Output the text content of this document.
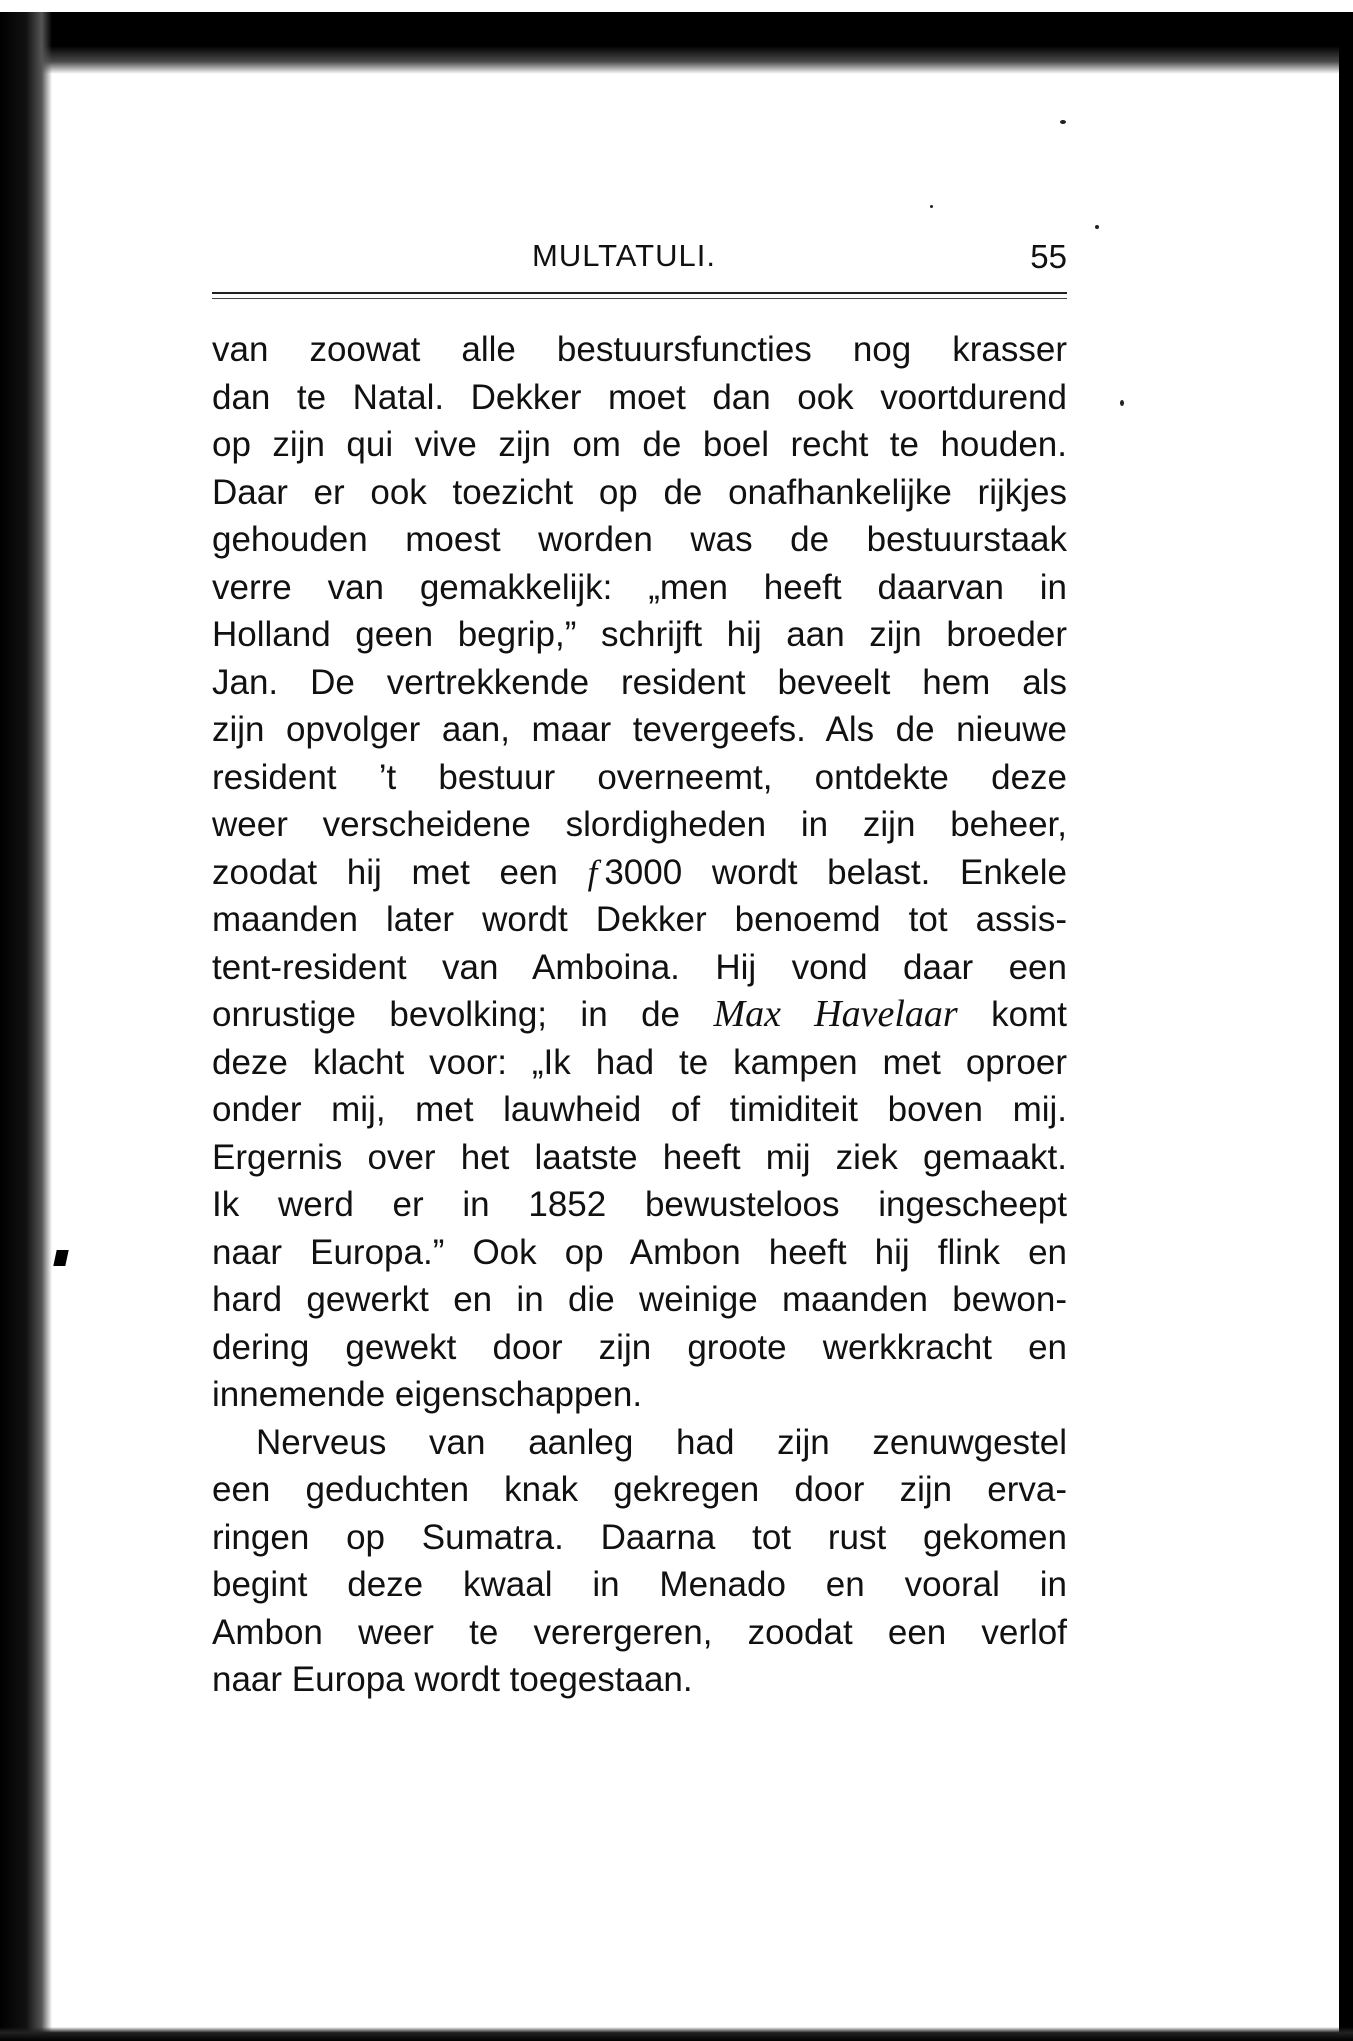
MULTATULI.	55

van zoowat alle bestuursfuncties nog krasser
dan te Natal. Dekker moet dan ook voortdurend
op zijn qui vive zijn om de boel recht te houden.
Daar er ook toezicht op de onafhankelijke rijkjes
gehouden moest worden was de bestuurstaak
verre van gemakkelijk: „men heeft daarvan in
Holland geen begrip,” schrijft hij aan zijn broeder
Jan. De vertrekkende resident beveelt hem als
zijn opvolger aan, maar tevergeefs. Als de nieuwe
resident ’t bestuur overneemt, ontdekte deze
weer verscheidene slordigheden in zijn beheer,
zoodat hij met een f  3000 wordt belast. Enkele
maanden later wordt Dekker benoemd tot assis-
tent-resident van Amboina. Hij vond daar een
onrustige bevolking; in de Max Havelaar komt
deze klacht voor: „Ik had te kampen met oproer
onder mij, met lauwheid of timiditeit boven mij.
Ergernis over het laatste heeft mij ziek gemaakt.
Ik werd er in 1852 bewusteloos ingescheept
naar Europa.” Ook op Ambon heeft hij flink en
hard gewerkt en in die weinige maanden bewon-
dering gewekt door zijn groote werkkracht en
innemende eigenschappen.

Nerveus van aanleg had zijn zenuwgestel
een geduchten knak gekregen door zijn erva-
ringen op Sumatra. Daarna tot rust gekomen
begint deze kwaal in Menado en vooral in
Ambon weer te verergeren, zoodat een verlof
naar Europa wordt toegestaan.
